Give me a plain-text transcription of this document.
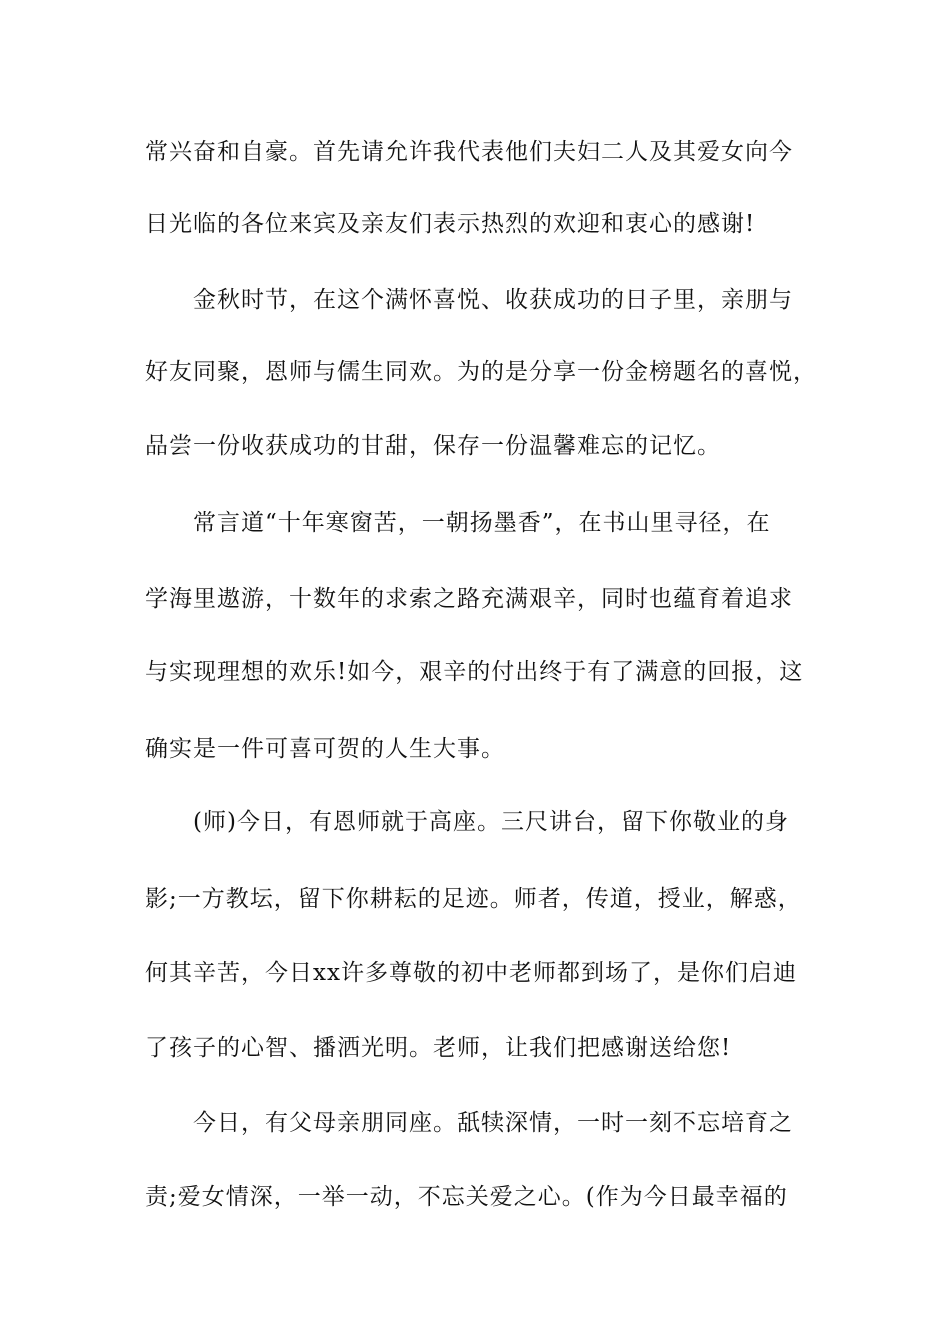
常兴奋和自豪。首先请允许我代表他们夫妇二人及其爱女向今
日光临的各位来宾及亲友们表示热烈的欢迎和衷心的感谢!
金秋时节，在这个满怀喜悦、收获成功的日子里，亲朋与
好友同聚，恩师与儒生同欢。为的是分享一份金榜题名的喜悦，
品尝一份收获成功的甘甜，保存一份温馨难忘的记忆。
常言道“十年寒窗苦，一朝扬墨香”，在书山里寻径，在
学海里遨游，十数年的求索之路充满艰辛，同时也蕴育着追求
与实现理想的欢乐!如今，艰辛的付出终于有了满意的回报，这
确实是一件可喜可贺的人生大事。
(师)今日，有恩师就于高座。三尺讲台，留下你敬业的身
影;一方教坛，留下你耕耘的足迹。师者，传道，授业，解惑，
何其辛苦，今日xx许多尊敬的初中老师都到场了，是你们启迪
了孩子的心智、播洒光明。老师，让我们把感谢送给您!
今日，有父母亲朋同座。舐犊深情，一时一刻不忘培育之
责;爱女情深，一举一动，不忘关爱之心。(作为今日最幸福的
